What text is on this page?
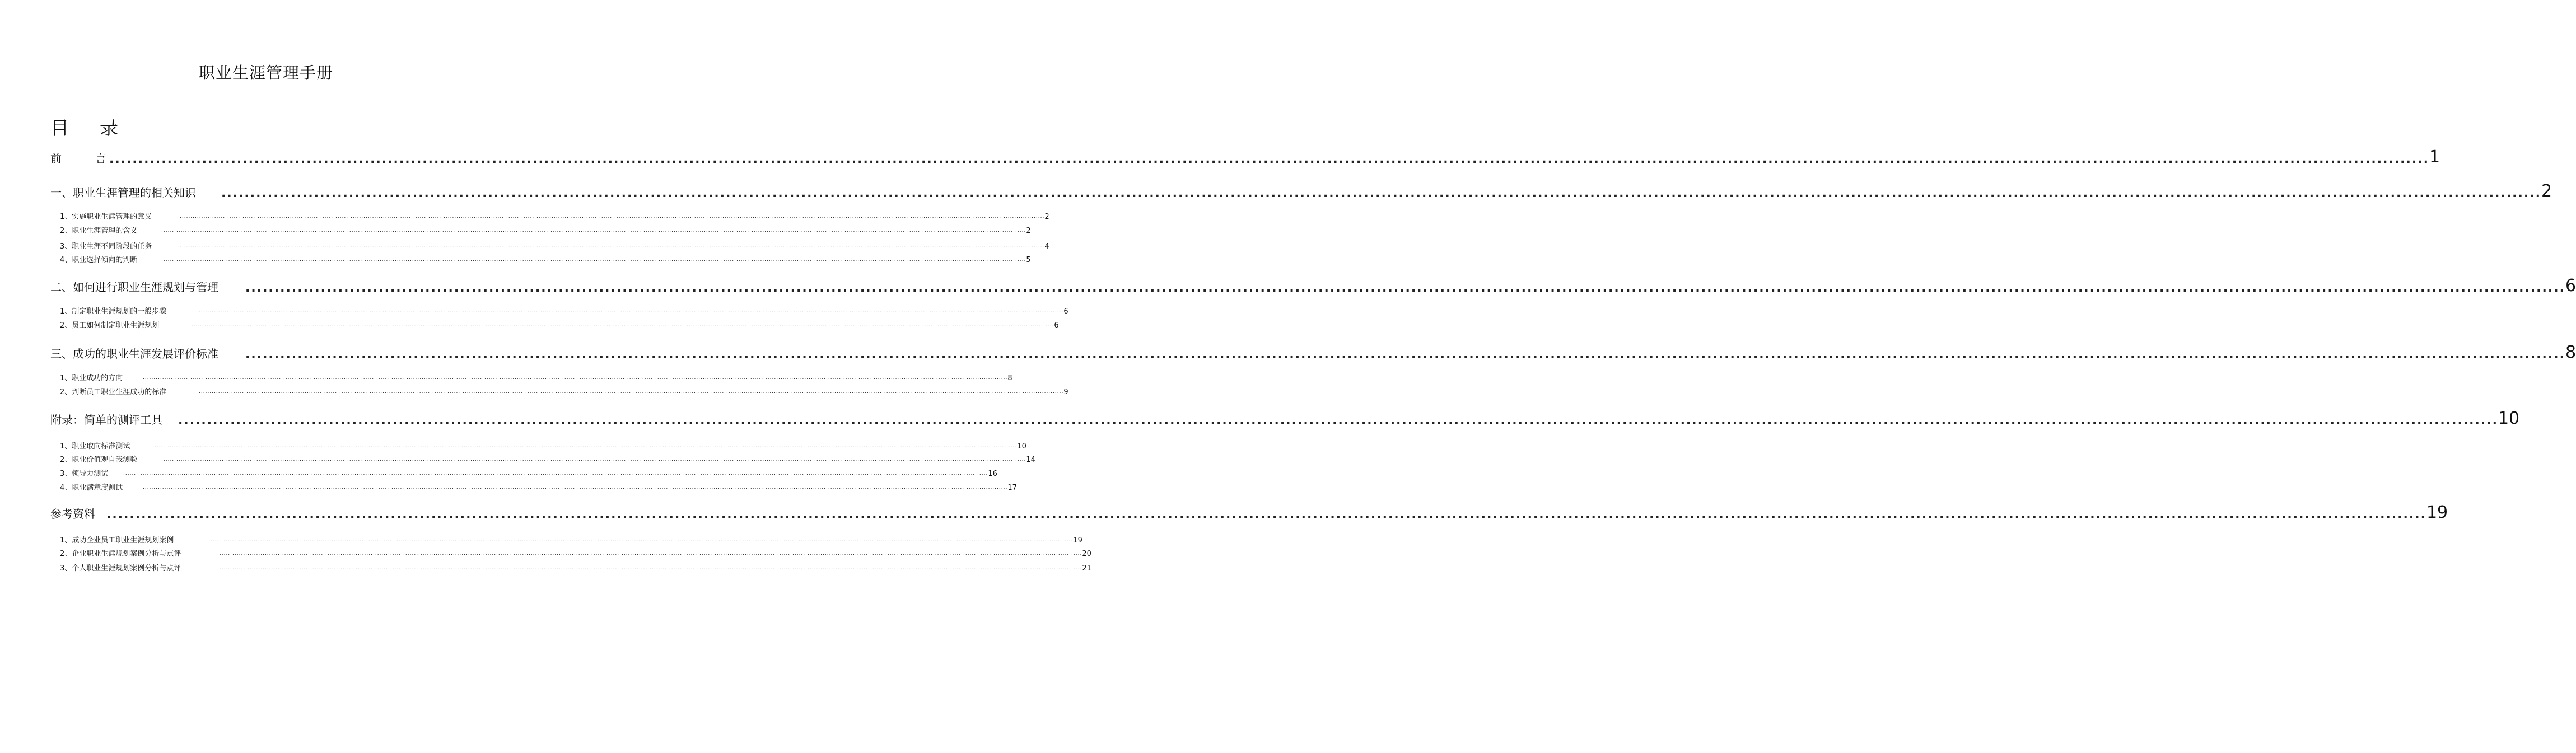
职业生涯管理手册
目 录
前　　　言 ................................................................................................................................................................................................................................................................................................................................................................................................................ 1
一、职业生涯管理的相关知识 ................................................................................................................................................................................................................................................................................................................................................................................................................ 2
1、实施职业生涯管理的意义	................................................................................................................................................................................................................................................................................................................................................................................................................ 2
2、职业生涯管理的含义	................................................................................................................................................................................................................................................................................................................................................................................................................ 2
3、职业生涯不同阶段的任务	................................................................................................................................................................................................................................................................................................................................................................................................................ 4
4、职业选择倾向的判断	................................................................................................................................................................................................................................................................................................................................................................................................................ 5
二、如何进行职业生涯规划与管理 ................................................................................................................................................................................................................................................................................................................................................................................................................ 6
1、制定职业生涯规划的一般步骤	................................................................................................................................................................................................................................................................................................................................................................................................................ 6
2、员工如何制定职业生涯规划	................................................................................................................................................................................................................................................................................................................................................................................................................ 6
三、成功的职业生涯发展评价标准 ................................................................................................................................................................................................................................................................................................................................................................................................................ 8
1、职业成功的方向	................................................................................................................................................................................................................................................................................................................................................................................................................ 8
2、判断员工职业生涯成功的标准	................................................................................................................................................................................................................................................................................................................................................................................................................ 9
附录：简单的测评工具 ................................................................................................................................................................................................................................................................................................................................................................................................................ 10
1、职业取向标准测试	................................................................................................................................................................................................................................................................................................................................................................................................................ 10
2、职业价值观自我测验	................................................................................................................................................................................................................................................................................................................................................................................................................ 14
3、领导力测试	................................................................................................................................................................................................................................................................................................................................................................................................................ 16
4、职业满意度测试	................................................................................................................................................................................................................................................................................................................................................................................................................ 17
参考资料 ................................................................................................................................................................................................................................................................................................................................................................................................................ 19
1、成功企业员工职业生涯规划案例	................................................................................................................................................................................................................................................................................................................................................................................................................ 19
2、企业职业生涯规划案例分析与点评	................................................................................................................................................................................................................................................................................................................................................................................................................ 20
3、个人职业生涯规划案例分析与点评	................................................................................................................................................................................................................................................................................................................................................................................................................ 21
